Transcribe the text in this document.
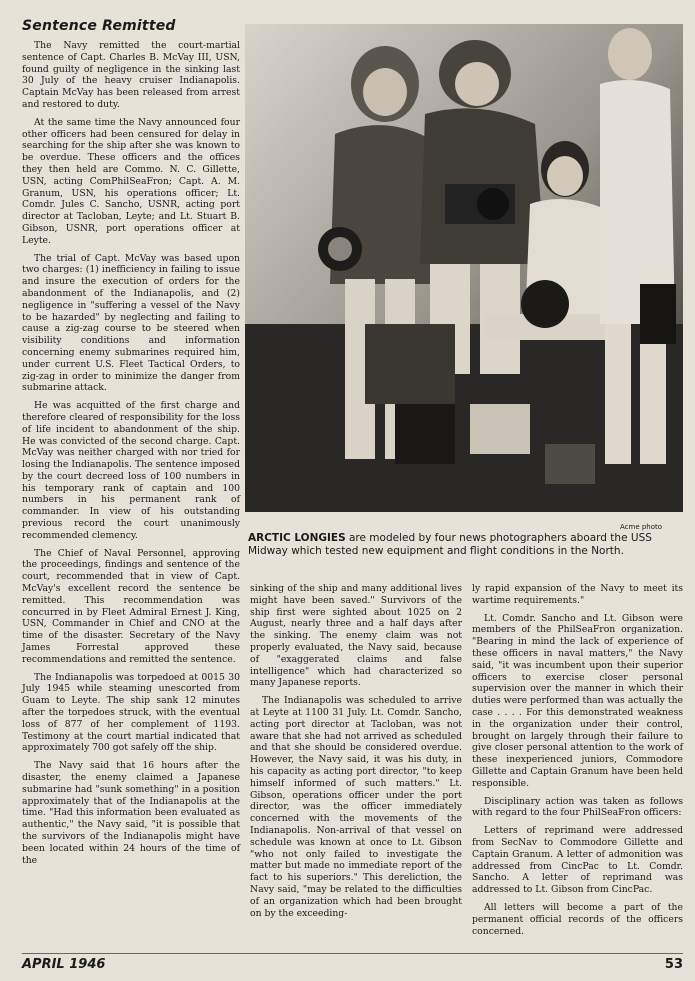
Sentence Remitted

The Navy remitted the court-martial sentence of Capt. Charles B. McVay III, USN, found guilty of negligence in the sinking last 30 July of the heavy cruiser Indianapolis. Captain McVay has been released from arrest and restored to duty.

At the same time the Navy announced four other officers had been censured for delay in searching for the ship after she was known to be overdue. These officers and the offices they then held are Commo. N. C. Gillette, USN, acting ComPhilSeaFron; Capt. A. M. Granum, USN, his operations officer; Lt. Comdr. Jules C. Sancho, USNR, acting port director at Tacloban, Leyte; and Lt. Stuart B. Gibson, USNR, port operations officer at Leyte.

The trial of Capt. McVay was based upon two charges: (1) inefficiency in failing to issue and insure the execution of orders for the abandonment of the Indianapolis, and (2) negligence in "suffering a vessel of the Navy to be hazarded" by neglecting and failing to cause a zig-zag course to be steered when visibility conditions and information concerning enemy submarines required him, under current U.S. Fleet Tactical Orders, to zig-zag in order to minimize the danger from submarine attack.

He was acquitted of the first charge and therefore cleared of responsibility for the loss of life incident to abandonment of the ship. He was convicted of the second charge. Capt. McVay was neither charged with nor tried for losing the Indianapolis. The sentence imposed by the court decreed loss of 100 numbers in his temporary rank of captain and 100 numbers in his permanent rank of commander. In view of his outstanding previous record the court unanimously recommended clemency.

The Chief of Naval Personnel, approving the proceedings, findings and sentence of the court, recommended that in view of Capt. McVay's excellent record the sentence be remitted. This recommendation was concurred in by Fleet Admiral Ernest J. King, USN, Commander in Chief and CNO at the time of the disaster. Secretary of the Navy James Forrestal approved these recommendations and remitted the sentence.

The Indianapolis was torpedoed at 0015 30 July 1945 while steaming unescorted from Guam to Leyte. The ship sank 12 minutes after the torpedoes struck, with the eventual loss of 877 of her complement of 1193. Testimony at the court martial indicated that approximately 700 got safely off the ship.

The Navy said that 16 hours after the disaster, the enemy claimed a Japanese submarine had "sunk something" in a position approximately that of the Indianapolis at the time. "Had this information been evaluated as authentic," the Navy said, "it is possible that the survivors of the Indianapolis might have been located within 24 hours of the time of the

Acme photo
ARCTIC LONGIES are modeled by four news photographers aboard the USS Midway which tested new equipment and flight conditions in the North.

sinking of the ship and many additional lives might have been saved." Survivors of the ship first were sighted about 1025 on 2 August, nearly three and a half days after the sinking. The enemy claim was not properly evaluated, the Navy said, because of "exaggerated claims and false intelligence" which had characterized so many Japanese reports.

The Indianapolis was scheduled to arrive at Leyte at 1100 31 July. Lt. Comdr. Sancho, acting port director at Tacloban, was not aware that she had not arrived as scheduled and that she should be considered overdue. However, the Navy said, it was his duty, in his capacity as acting port director, "to keep himself informed of such matters." Lt. Gibson, operations officer under the port director, was the officer immediately concerned with the movements of the Indianapolis. Non-arrival of that vessel on schedule was known at once to Lt. Gibson "who not only failed to investigate the matter but made no immediate report of the fact to his superiors." This dereliction, the Navy said, "may be related to the difficulties of an organization which had been brought on by the exceeding-

ly rapid expansion of the Navy to meet its wartime requirements."

Lt. Comdr. Sancho and Lt. Gibson were members of the PhilSeaFron organization. "Bearing in mind the lack of experience of these officers in naval matters," the Navy said, "it was incumbent upon their superior officers to exercise closer personal supervision over the manner in which their duties were performed than was actually the case . . . . For this demonstrated weakness in the organization under their control, brought on largely through their failure to give closer personal attention to the work of these inexperienced juniors, Commodore Gillette and Captain Granum have been held responsible.

Disciplinary action was taken as follows with regard to the four PhilSeaFron officers:

Letters of reprimand were addressed from SecNav to Commodore Gillette and Captain Granum. A letter of admonition was addressed from CincPac to Lt. Comdr. Sancho. A letter of reprimand was addressed to Lt. Gibson from CincPac.

All letters will become a part of the permanent official records of the officers concerned.

APRIL 1946	53
